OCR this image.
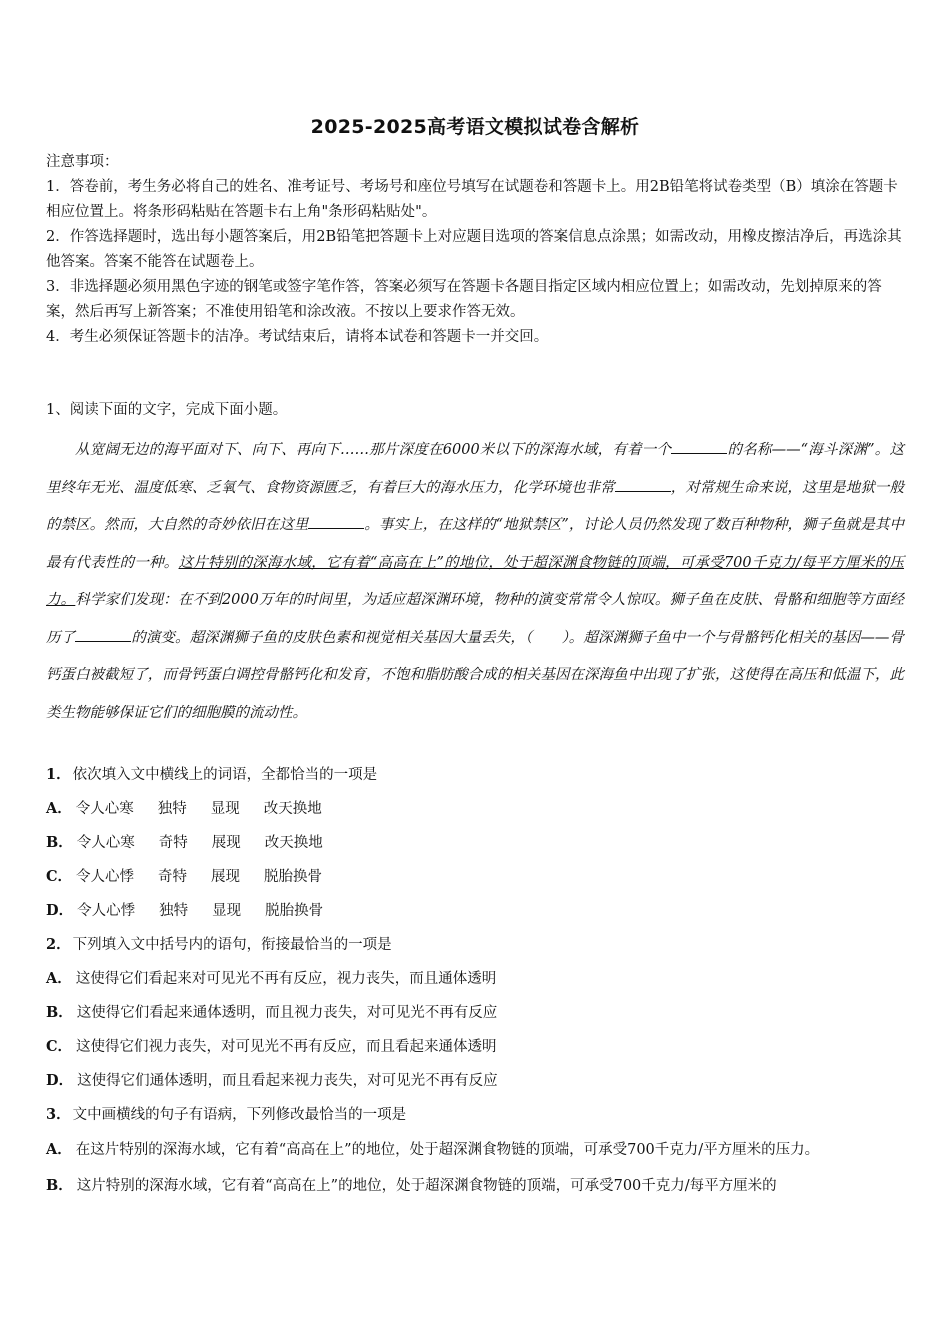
2025-2025高考语文模拟试卷含解析

注意事项：

1．答卷前，考生务必将自己的姓名、准考证号、考场号和座位号填写在试题卷和答题卡上。用2B铅笔将试卷类型（B）填涂在答题卡相应位置上。将条形码粘贴在答题卡右上角"条形码粘贴处"。

2．作答选择题时，选出每小题答案后，用2B铅笔把答题卡上对应题目选项的答案信息点涂黑；如需改动，用橡皮擦洁净后，再选涂其他答案。答案不能答在试题卷上。

3．非选择题必须用黑色字迹的钢笔或签字笔作答，答案必须写在答题卡各题目指定区域内相应位置上；如需改动，先划掉原来的答案，然后再写上新答案；不准使用铅笔和涂改液。不按以上要求作答无效。

4．考生必须保证答题卡的洁净。考试结束后，请将本试卷和答题卡一并交回。

1、阅读下面的文字，完成下面小题。

从宽阔无边的海平面对下、向下、再向下……那片深度在6000米以下的深海水域，有着一个	的名称——“海斗深渊”。这里终年无光、温度低寒、乏氧气、食物资源匮乏，有着巨大的海水压力，化学环境也非常	，对常规生命来说，这里是地狱一般的禁区。然而，大自然的奇妙依旧在这里	。事实上，在这样的“地狱禁区”，讨论人员仍然发现了数百种物种，狮子鱼就是其中最有代表性的一种。这片特别的深海水域，它有着“高高在上”的地位，处于超深渊食物链的顶端，可承受700千克力/每平方厘米的压力。科学家们发现：在不到2000万年的时间里，为适应超深渊环境，物种的演变常常令人惊叹。狮子鱼在皮肤、骨骼和细胞等方面经历了	的演变。超深渊狮子鱼的皮肤色素和视觉相关基因大量丢失，（　　）。超深渊狮子鱼中一个与骨骼钙化相关的基因——骨钙蛋白被截短了，而骨钙蛋白调控骨骼钙化和发育，不饱和脂肪酸合成的相关基因在深海鱼中出现了扩张，这使得在高压和低温下，此类生物能够保证它们的细胞膜的流动性。

1． 依次填入文中横线上的词语，全都恰当的一项是

A． 令人心寒 独特 显现 改天换地

B． 令人心寒 奇特 展现 改天换地

C． 令人心悸 奇特 展现 脱胎换骨

D． 令人心悸 独特 显现 脱胎换骨

2． 下列填入文中括号内的语句，衔接最恰当的一项是

A． 这使得它们看起来对可见光不再有反应，视力丧失，而且通体透明

B． 这使得它们看起来通体透明，而且视力丧失，对可见光不再有反应

C． 这使得它们视力丧失，对可见光不再有反应，而且看起来通体透明

D． 这使得它们通体透明，而且看起来视力丧失，对可见光不再有反应

3． 文中画横线的句子有语病，下列修改最恰当的一项是

A． 在这片特别的深海水域，它有着“高高在上”的地位，处于超深渊食物链的顶端，可承受700千克力/平方厘米的压力。

B． 这片特别的深海水域，它有着“高高在上”的地位，处于超深渊食物链的顶端，可承受700千克力/每平方厘米的
